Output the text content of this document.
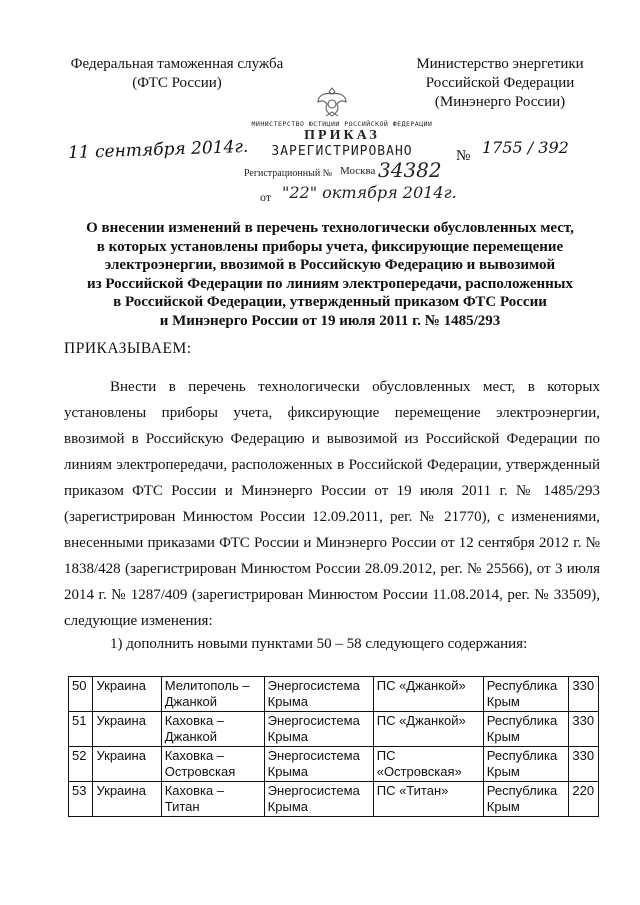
Федеральная таможенная служба
(ФТС России)
Министерство энергетики
Российской Федерации
(Минэнерго России)
МИНИСТЕРСТВО ЮСТИЦИИ РОССИЙСКОЙ ФЕДЕРАЦИИ
ПРИКАЗ
ЗАРЕГИСТРИРОВАНО
Регистрационный № Москва 34382
от "22" октября 2014г.
11 сентября 2014г.	№ 1755 / 392
О внесении изменений в перечень технологически обусловленных мест,
в которых установлены приборы учета, фиксирующие перемещение
электроэнергии, ввозимой в Российскую Федерацию и вывозимой
из Российской Федерации по линиям электропередачи, расположенных
в Российской Федерации, утвержденный приказом ФТС России
и Минэнерго России от 19 июля 2011 г. № 1485/293
ПРИКАЗЫВАЕМ:
Внести в перечень технологически обусловленных мест, в которых установлены приборы учета, фиксирующие перемещение электроэнергии, ввозимой в Российскую Федерацию и вывозимой из Российской Федерации по линиям электропередачи, расположенных в Российской Федерации, утвержденный приказом ФТС России и Минэнерго России от 19 июля 2011 г. № 1485/293 (зарегистрирован Минюстом России 12.09.2011, рег. № 21770), с изменениями, внесенными приказами ФТС России и Минэнерго России от 12 сентября 2012 г. № 1838/428 (зарегистрирован Минюстом России 28.09.2012, рег. № 25566), от 3 июля 2014 г. № 1287/409 (зарегистрирован Минюстом России 11.08.2014, рег. № 33509), следующие изменения:
1) дополнить новыми пунктами 50 – 58 следующего содержания:
50	Украина	Мелитополь – Джанкой	Энергосистема Крыма	ПС «Джанкой»	Республика Крым	330
51	Украина	Каховка – Джанкой	Энергосистема Крыма	ПС «Джанкой»	Республика Крым	330
52	Украина	Каховка – Островская	Энергосистема Крыма	ПС «Островская»	Республика Крым	330
53	Украина	Каховка – Титан	Энергосистема Крыма	ПС «Титан»	Республика Крым	220
